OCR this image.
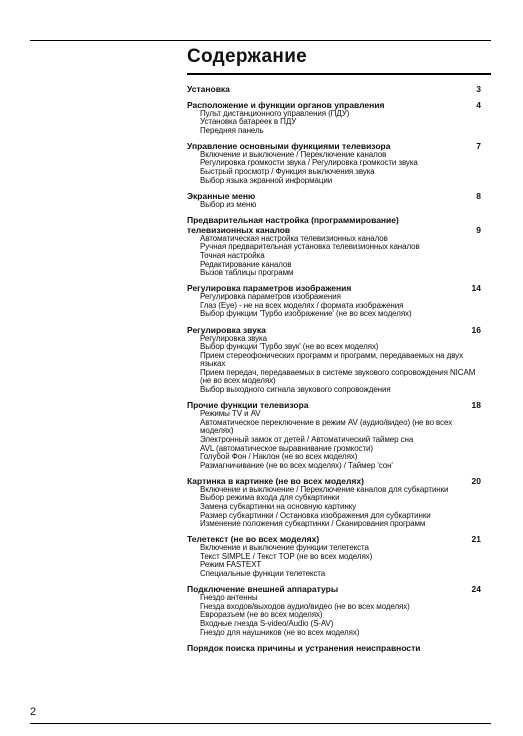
Содержание
Установка	3
Расположение и функции органов управления	4
Пульт дистанционного управления (ПДУ)
Установка батареек в ПДУ
Передняя панель
Управление основными функциями телевизора	7
Включение и выключение / Переключение каналов
Регулировка громкости звука / Регулировка громкости звука
Быстрый просмотр / Функция выключения звука
Выбор языка экранной информации
Экранные меню	8
Выбор из меню
Предварительная настройка (программирование) телевизионных каналов	9
Автоматическая настройка телевизионных каналов
Ручная предварительная установка телевизионных каналов
Точная настройка
Редактирование каналов
Вызов таблицы программ
Регулировка параметров изображения	14
Регулировка параметров изображения
Глаз (Eye) - не на всех моделях / формата изображения
Выбор функции 'Турбо изображение' (не во всех моделях)
Регулировка звука	16
Регулировка звука
Выбор функции 'Турбо звук' (не во всех моделях)
Прием стереофонических программ и программ, передаваемых на двух языках
Прием передач, передаваемых в системе звукового сопровождения NICAM (не во всех моделях)
Выбор выходного сигнала звукового сопровождения
Прочие функции телевизора	18
Режимы TV и AV
Автоматическое переключение в режим AV (аудио/видео) (не во всех моделях)
Электронный замок от детей / Автоматический таймер сна
AVL (автоматическое выравнивание громкости)
Голубой Фон / Наклон (не во всех моделях)
Размагничивание (не во всех моделях) / Таймер 'сон'
Картинка в картинке (не во всех моделях)	20
Включение и выключение / Переключение каналов для субкартинки
Выбор режима входа для субкартинки
Замена субкартинки на основную картинку
Размер субкартинки / Остановка изображения для субкартинки
Изменение положения субкартинки / Сканирования программ
Телетекст (не во всех моделях)	21
Включение и выключение функции телетекста
Текст SIMPLE / Текст TOP (не во всех моделях)
Режим FASTEXT
Специальные функции телетекста
Подключение внешней аппаратуры	24
Гнездо антенны
Гнезда входов/выходов аудио/видео (не во всех моделях)
Евроразъем (не во всех моделях)
Входные гнезда S-video/Audio (S-AV)
Гнездо для наушников (не во всех моделях)
Порядок поиска причины и устранения неисправности
2
